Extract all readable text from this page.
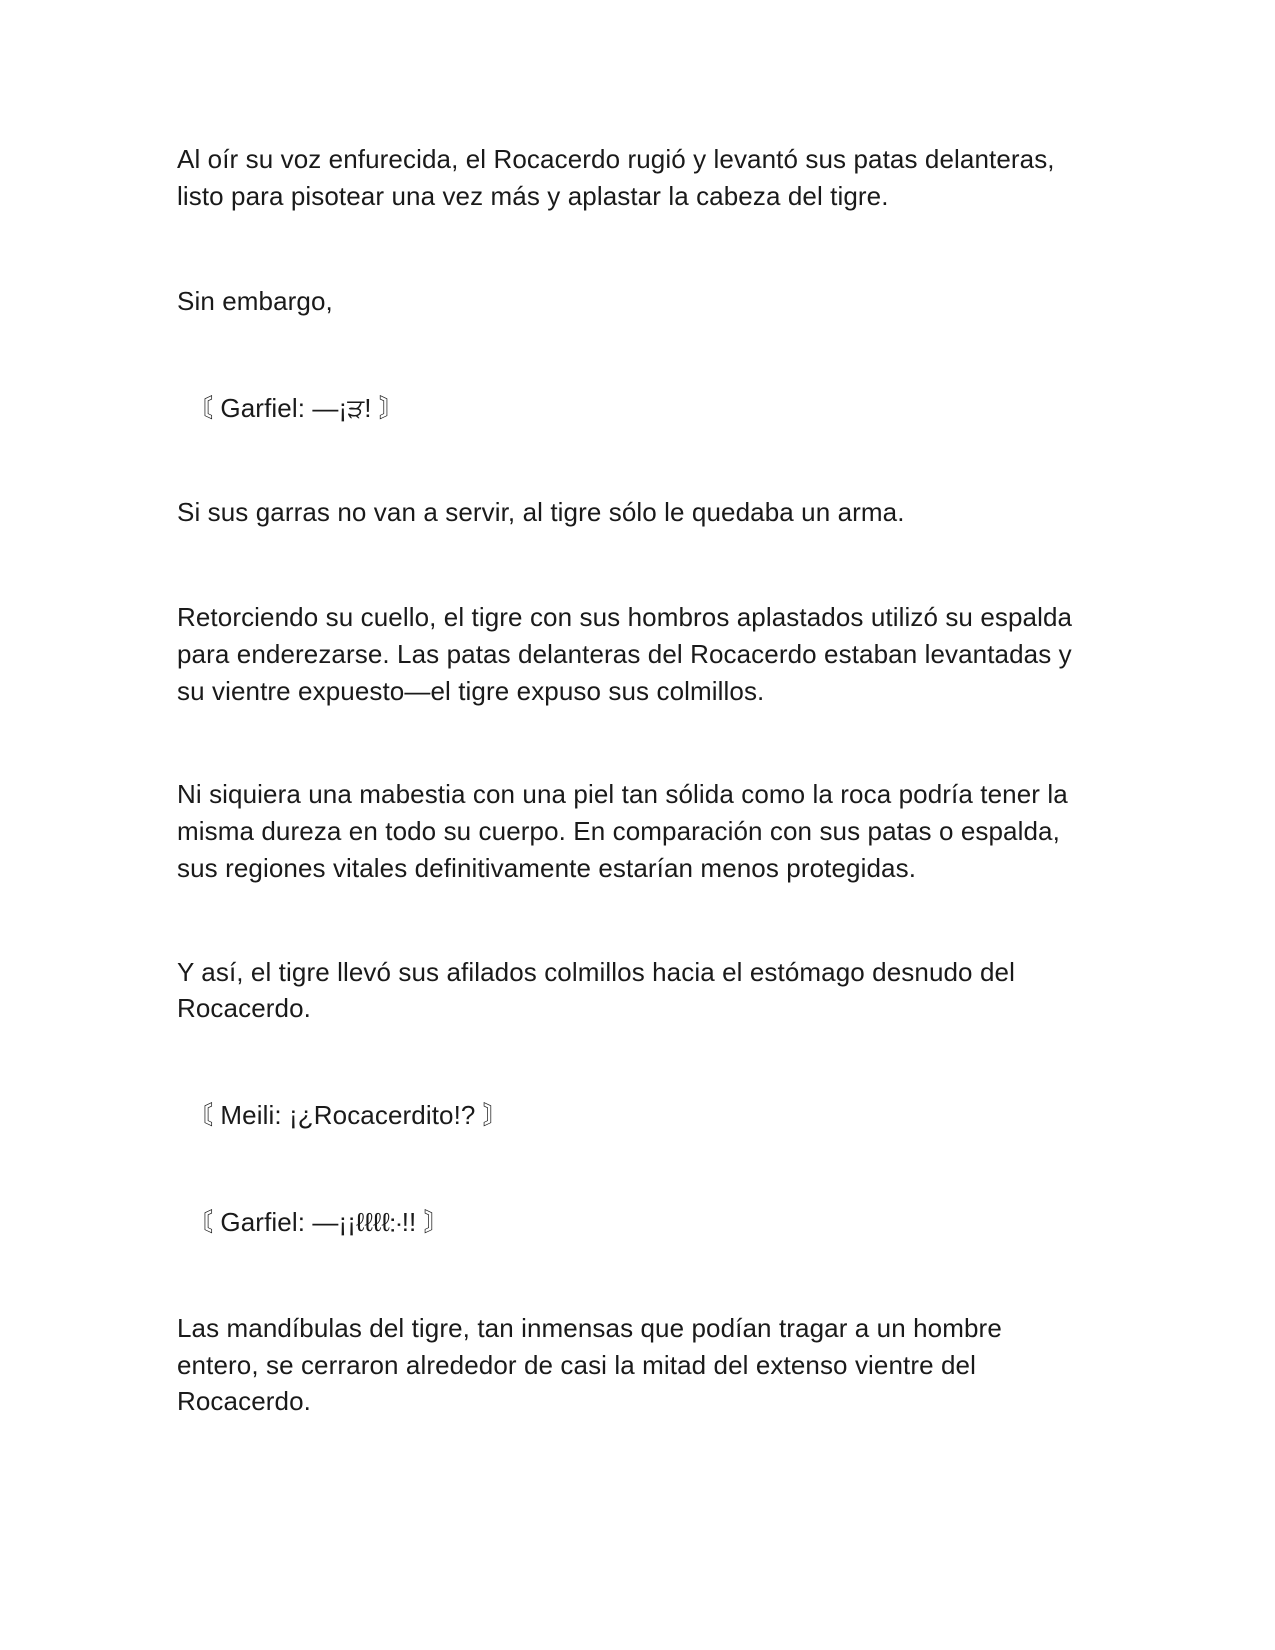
Al oír su voz enfurecida, el Rocacerdo rugió y levantó sus patas delanteras,
listo para pisotear una vez más y aplastar la cabeza del tigre.
Sin embargo,
〘 Garfiel: —¡ੜ! 〙
Si sus garras no van a servir, al tigre sólo le quedaba un arma.
Retorciendo su cuello, el tigre con sus hombros aplastados utilizó su espalda
para enderezarse. Las patas delanteras del Rocacerdo estaban levantadas y
su vientre expuesto—el tigre expuso sus colmillos.
Ni siquiera una mabestia con una piel tan sólida como la roca podría tener la
misma dureza en todo su cuerpo. En comparación con sus patas o espalda,
sus regiones vitales definitivamente estarían menos protegidas.
Y así, el tigre llevó sus afilados colmillos hacia el estómago desnudo del
Rocacerdo.
〘 Meili: ¡¿Rocacerdito!? 〙
〘 Garfiel: —¡¡ℓℓℓℓ჻!! 〙
Las mandíbulas del tigre, tan inmensas que podían tragar a un hombre
entero, se cerraron alrededor de casi la mitad del extenso vientre del
Rocacerdo.
